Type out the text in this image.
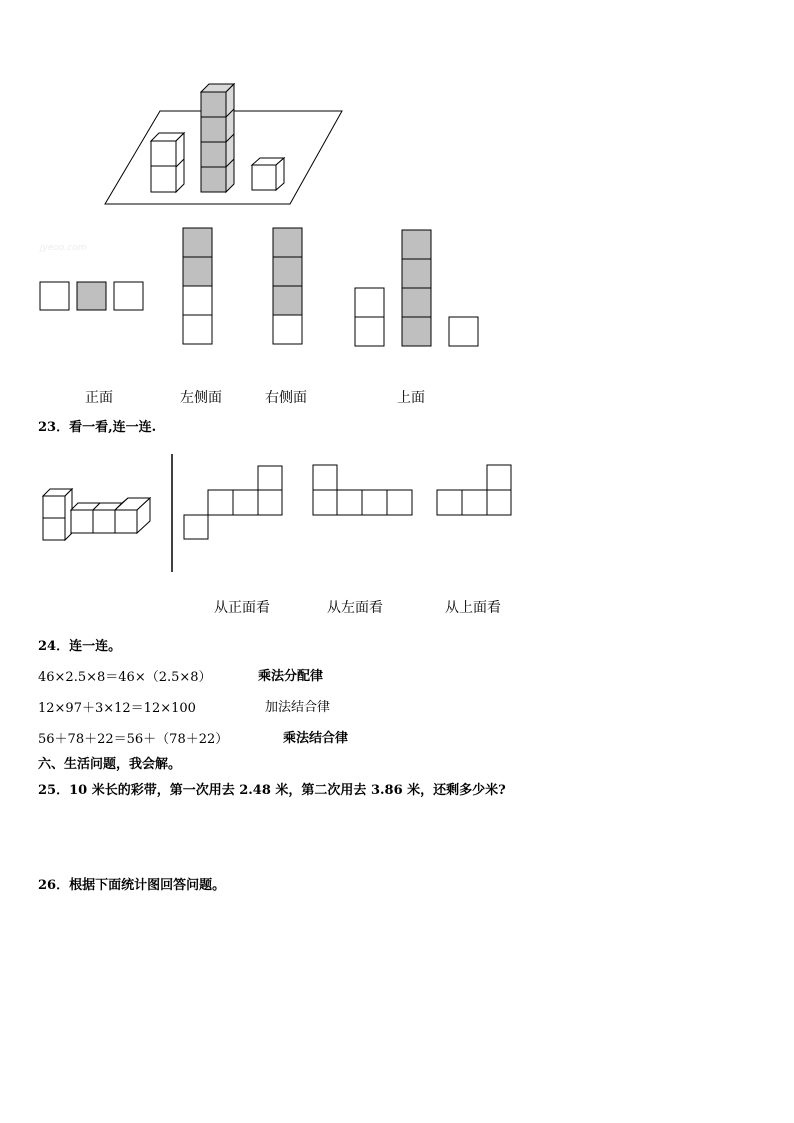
jyeoo.com
正面	左侧面	右侧面	上面
23．看一看,连一连.
从正面看	从左面看	从上面看
24．连一连。
46×2.5×8＝46×（2.5×8）
12×97＋3×12＝12×100
56＋78＋22＝56＋（78＋22）
乘法分配律
加法结合律
乘法结合律
六、生活问题，我会解。
25．10 米长的彩带，第一次用去 2.48 米，第二次用去 3.86 米，还剩多少米?
26．根据下面统计图回答问题。
